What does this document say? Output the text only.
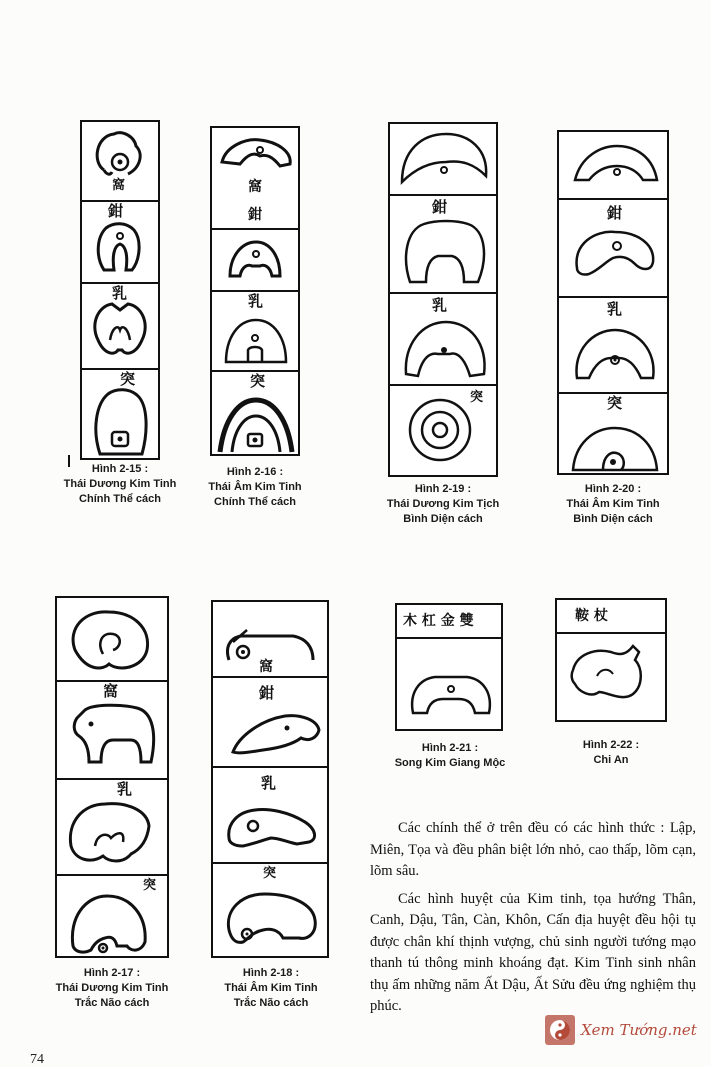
窩
鉗
乳
突
窩
鉗
乳
突
鉗
乳
突
鉗
乳
突
Hình 2-15 :
Thái Dương Kim Tinh
Chính Thể cách
Hình 2-16 :
Thái Âm Kim Tinh
Chính Thể cách
Hình 2-19 :
Thái Dương Kim Tịch
Bình Diện cách
Hình 2-20 :
Thái Âm Kim Tinh
Bình Diện cách
窩
乳
突
窩
鉗
乳
突
Hình 2-17 :
Thái Dương Kim Tinh
Trắc Não cách
Hình 2-18 :
Thái Âm Kim Tinh
Trắc Não cách
木 杠 金 雙
Hình 2-21 :
Song Kim Giang Mộc
鞍 杖
Hình 2-22 :
Chi An

Các chính thể ở trên đều có các hình thức : Lập, Miên, Tọa và đều phân biệt lớn nhỏ, cao thấp, lõm cạn, lõm sâu.

Các hình huyệt của Kim tinh, tọa hướng Thân, Canh, Dậu, Tân, Càn, Khôn, Cấn địa huyệt đều hội tụ được chân khí thịnh vượng, chủ sinh người tướng mạo thanh tú thông minh khoáng đạt. Kim Tinh sinh nhân thụ ấm những năm Ất Dậu, Ất Sửu đều ứng nghiệm thụ phúc.

74
Xem Tướng.net
